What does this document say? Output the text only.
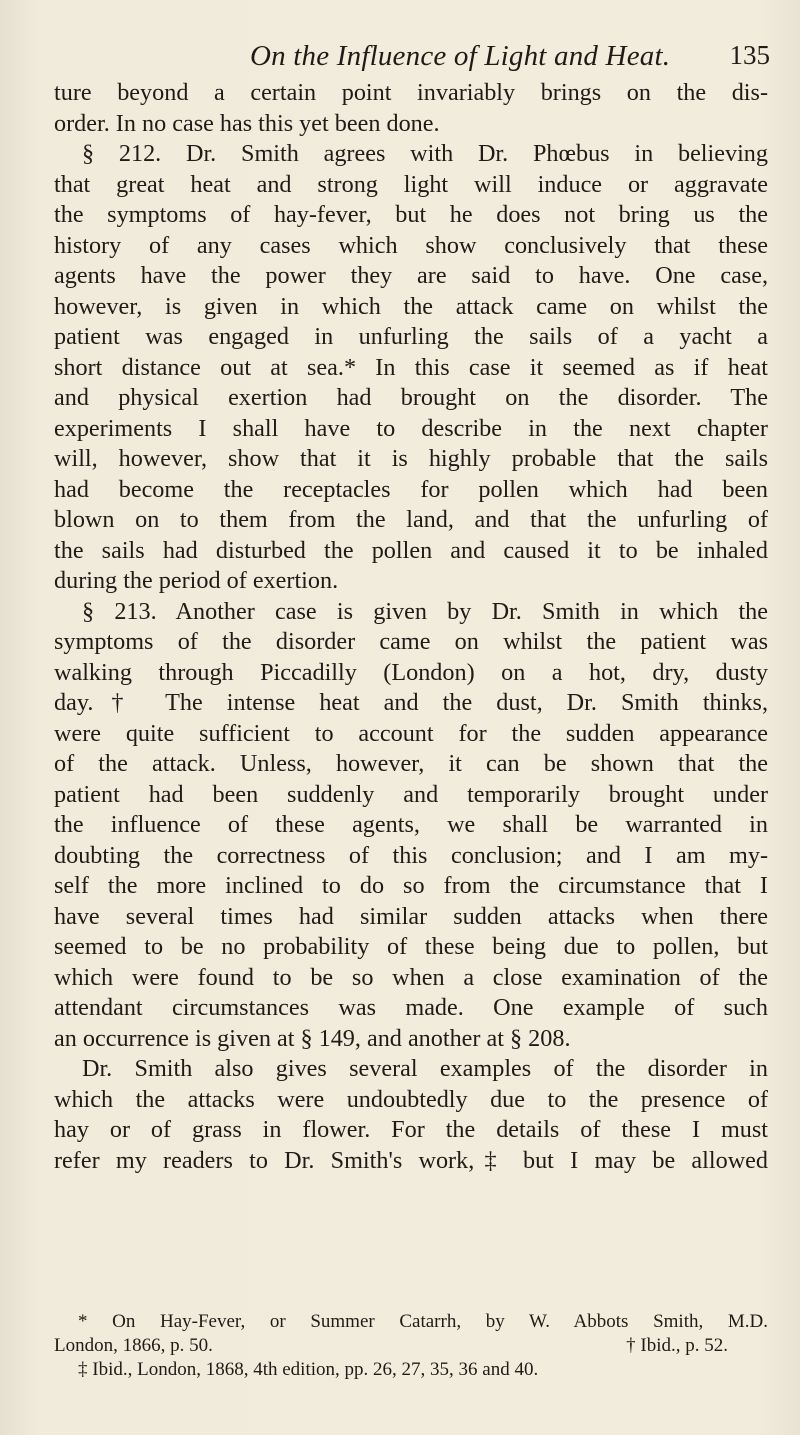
On the Influence of Light and Heat. 135
ture beyond a certain point invariably brings on the dis-
order. In no case has this yet been done.
§ 212. Dr. Smith agrees with Dr. Phœbus in believing
that great heat and strong light will induce or aggravate
the symptoms of hay-fever, but he does not bring us the
history of any cases which show conclusively that these
agents have the power they are said to have. One case,
however, is given in which the attack came on whilst the
patient was engaged in unfurling the sails of a yacht a
short distance out at sea.* In this case it seemed as if heat
and physical exertion had brought on the disorder. The
experiments I shall have to describe in the next chapter
will, however, show that it is highly probable that the sails
had become the receptacles for pollen which had been
blown on to them from the land, and that the unfurling of
the sails had disturbed the pollen and caused it to be inhaled
during the period of exertion.
§ 213. Another case is given by Dr. Smith in which the
symptoms of the disorder came on whilst the patient was
walking through Piccadilly (London) on a hot, dry, dusty
day.† The intense heat and the dust, Dr. Smith thinks,
were quite sufficient to account for the sudden appearance
of the attack. Unless, however, it can be shown that the
patient had been suddenly and temporarily brought under
the influence of these agents, we shall be warranted in
doubting the correctness of this conclusion; and I am my-
self the more inclined to do so from the circumstance that I
have several times had similar sudden attacks when there
seemed to be no probability of these being due to pollen, but
which were found to be so when a close examination of the
attendant circumstances was made. One example of such
an occurrence is given at § 149, and another at § 208.
Dr. Smith also gives several examples of the disorder in
which the attacks were undoubtedly due to the presence of
hay or of grass in flower. For the details of these I must
refer my readers to Dr. Smith's work,‡ but I may be allowed
* On Hay-Fever, or Summer Catarrh, by W. Abbots Smith, M.D.
London, 1866, p. 50.	† Ibid., p. 52.
‡ Ibid., London, 1868, 4th edition, pp. 26, 27, 35, 36 and 40.
